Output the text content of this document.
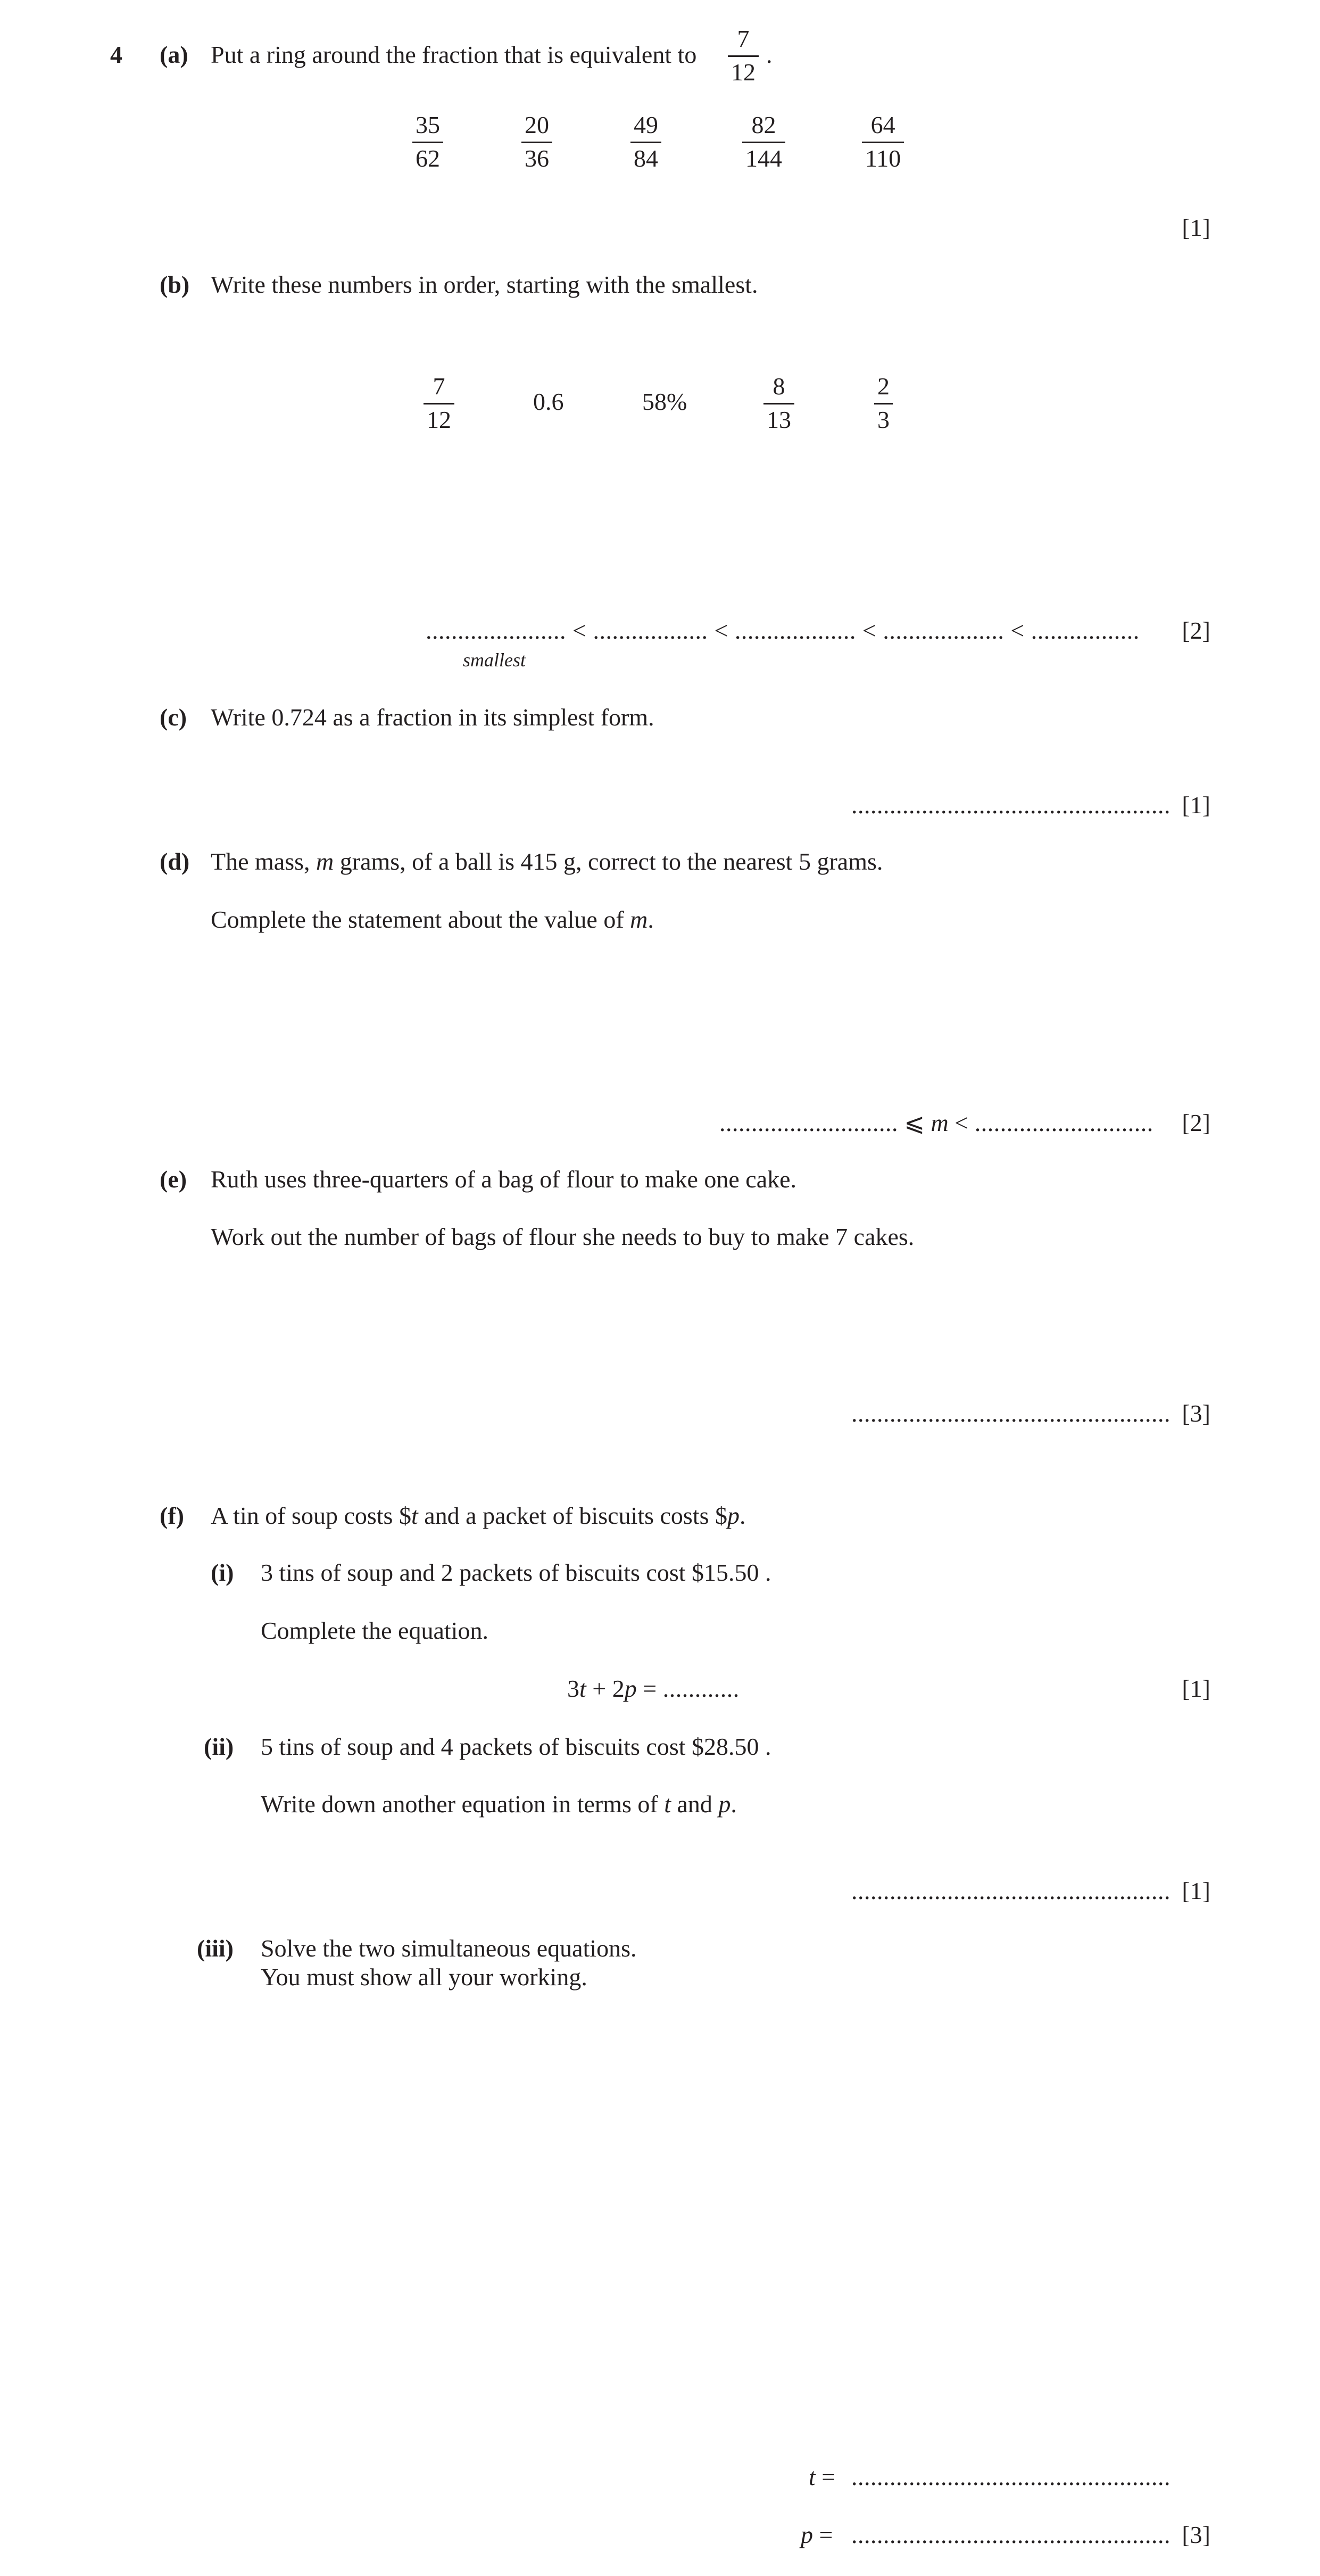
4 (a) Put a ring around the fraction that is equivalent to
7
12
.
35
62
20
36
49
84
82
144
64
110
[1]
(b) Write these numbers in order, starting with the smallest.
7
12
0.6	58%
8
13
2
3
...................... < .................. < ................... < ................... < .................
smallest
[2]
(c) Write 0.724 as a fraction in its simplest form.
.................................................. [1]
(d) The mass, m grams, of a ball is 415 g, correct to the nearest 5 grams.
Complete the statement about the value of m.
............................ ⩽ m < ............................ [2]
(e) Ruth uses three-quarters of a bag of flour to make one cake.
Work out the number of bags of flour she needs to buy to make 7 cakes.
.................................................. [3]
(f) A tin of soup costs $t and a packet of biscuits costs $p.
(i) 3 tins of soup and 2 packets of biscuits cost $15.50 .
Complete the equation.
3t + 2p = ............	[1]
(ii) 5 tins of soup and 4 packets of biscuits cost $28.50 .
Write down another equation in terms of t and p.
.................................................. [1]
(iii) Solve the two simultaneous equations.
You must show all your working.
t = ..................................................
p = .................................................. [3]
